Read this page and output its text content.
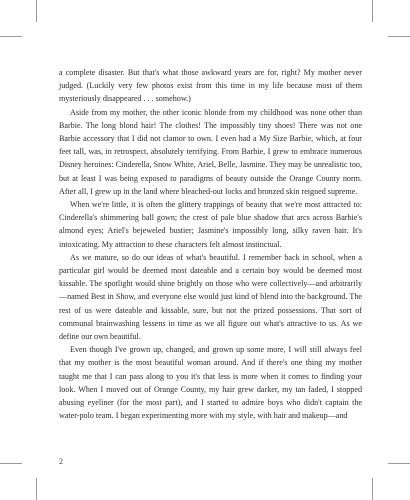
a complete disaster. But that's what those awkward years are for, right? My mother never judged. (Luckily very few photos exist from this time in my life because most of them mysteriously disappeared . . . somehow.)

Aside from my mother, the other iconic blonde from my childhood was none other than Barbie. The long blond hair! The clothes! The impossibly tiny shoes! There was not one Barbie accessory that I did not clamor to own. I even had a My Size Barbie, which, at four feet tall, was, in retrospect, absolutely terrifying. From Barbie, I grew to embrace numerous Disney heroines: Cinderella, Snow White, Ariel, Belle, Jasmine. They may be unrealistic too, but at least I was being exposed to paradigms of beauty outside the Orange County norm. After all, I grew up in the land where bleached-out locks and bronzed skin reigned supreme.

When we're little, it is often the glittery trappings of beauty that we're most attracted to: Cinderella's shimmering ball gown; the crest of pale blue shadow that arcs across Barbie's almond eyes; Ariel's bejeweled bustier; Jasmine's impossibly long, silky raven hair. It's intoxicating. My attraction to these characters felt almost instinctual.

As we mature, so do our ideas of what's beautiful. I remember back in school, when a particular girl would be deemed most dateable and a certain boy would be deemed most kissable. The spotlight would shine brightly on those who were collectively—and arbitrarily—named Best in Show, and everyone else would just kind of blend into the background. The rest of us were dateable and kissable, sure, but not the prized possessions. That sort of communal brainwashing lessens in time as we all figure out what's attractive to us. As we define our own beautiful.

Even though I've grown up, changed, and grown up some more, I will still always feel that my mother is the most beautiful woman around. And if there's one thing my mother taught me that I can pass along to you it's that less is more when it comes to finding your look. When I moved out of Orange County, my hair grew darker, my tan faded, I stopped abusing eyeliner (for the most part), and I started to admire boys who didn't captain the water-polo team. I began experimenting more with my style, with hair and makeup—and

2
